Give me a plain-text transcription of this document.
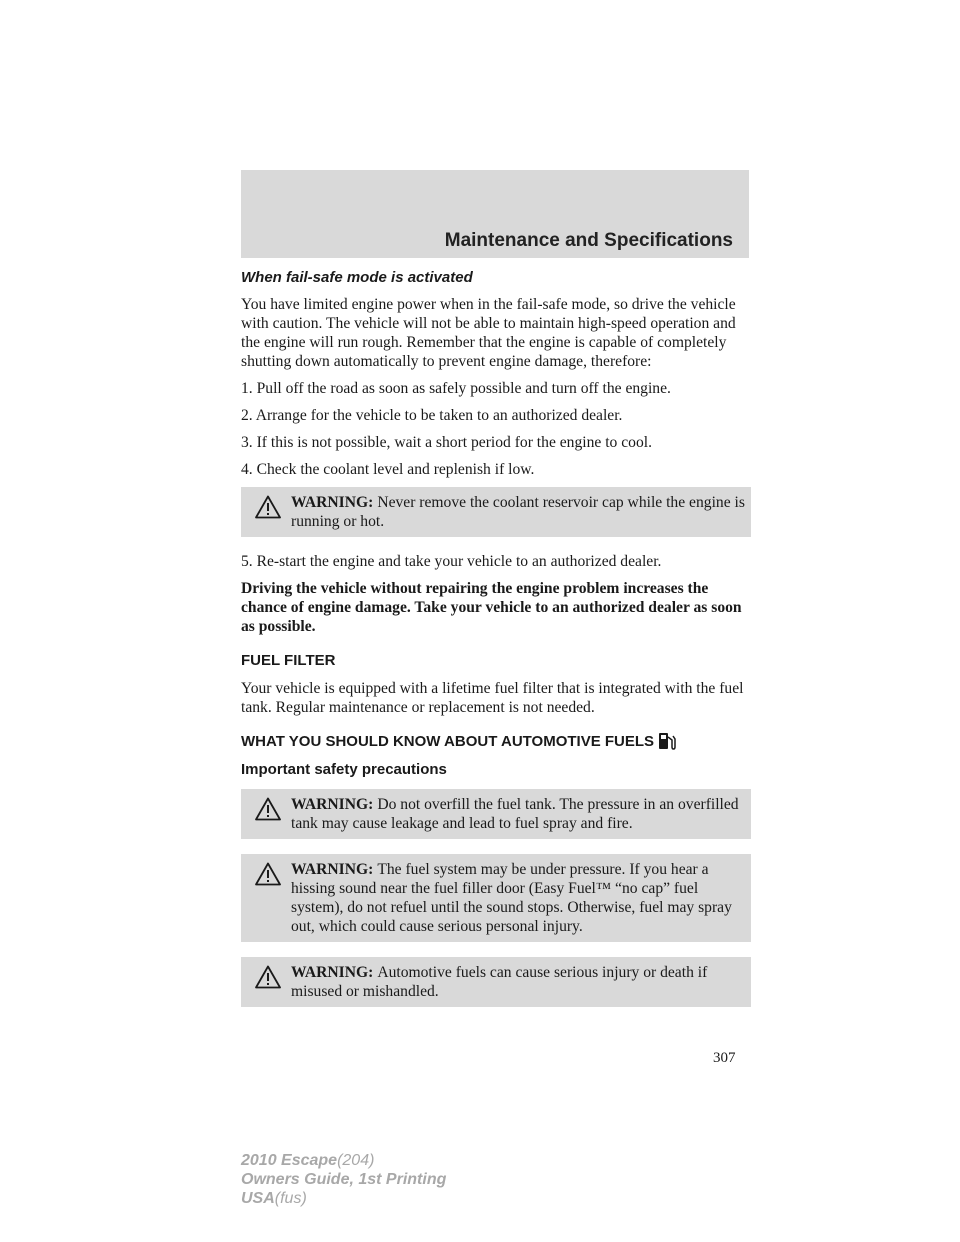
Maintenance and Specifications

When fail-safe mode is activated

You have limited engine power when in the fail-safe mode, so drive the vehicle with caution. The vehicle will not be able to maintain high-speed operation and the engine will run rough. Remember that the engine is capable of completely shutting down automatically to prevent engine damage, therefore:

1. Pull off the road as soon as safely possible and turn off the engine.

2. Arrange for the vehicle to be taken to an authorized dealer.

3. If this is not possible, wait a short period for the engine to cool.

4. Check the coolant level and replenish if low.

WARNING: Never remove the coolant reservoir cap while the engine is running or hot.

5. Re-start the engine and take your vehicle to an authorized dealer.

Driving the vehicle without repairing the engine problem increases the chance of engine damage. Take your vehicle to an authorized dealer as soon as possible.

FUEL FILTER

Your vehicle is equipped with a lifetime fuel filter that is integrated with the fuel tank. Regular maintenance or replacement is not needed.

WHAT YOU SHOULD KNOW ABOUT AUTOMOTIVE FUELS

Important safety precautions

WARNING: Do not overfill the fuel tank. The pressure in an overfilled tank may cause leakage and lead to fuel spray and fire.
WARNING: The fuel system may be under pressure. If you hear a hissing sound near the fuel filler door (Easy Fuel™ “no cap” fuel system), do not refuel until the sound stops. Otherwise, fuel may spray out, which could cause serious personal injury.
WARNING: Automotive fuels can cause serious injury or death if misused or mishandled.
307
2010 Escape(204)
Owners Guide, 1st Printing
USA(fus)
